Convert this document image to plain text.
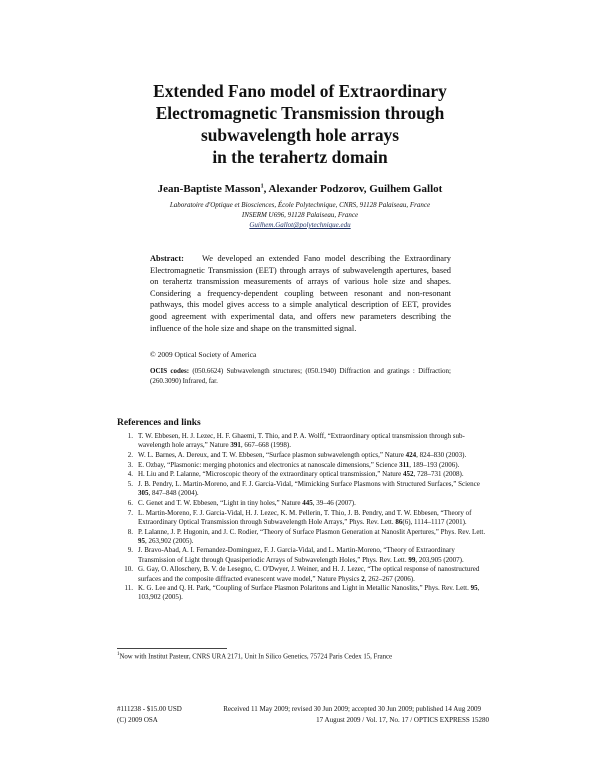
Extended Fano model of Extraordinary
Electromagnetic Transmission through
subwavelength hole arrays
in the terahertz domain
Jean-Baptiste Masson$^1$, Alexander Podzorov, Guilhem Gallot
Laboratoire d'Optique et Biosciences, École Polytechnique, CNRS, 91128 Palaiseau, France
INSERM U696, 91128 Palaiseau, France
Guilhem.Gallot@polytechnique.edu
Abstract: We developed an extended Fano model describing the Extraordinary Electromagnetic Transmission (EET) through arrays of subwavelength apertures, based on terahertz transmission measurements of arrays of various hole size and shapes. Considering a frequency-dependent coupling between resonant and non-resonant pathways, this model gives access to a simple analytical description of EET, provides good agreement with experimental data, and offers new parameters describing the influence of the hole size and shape on the transmitted signal.
© 2009 Optical Society of America
OCIS codes: (050.6624) Subwavelength structures; (050.1940) Diffraction and gratings : Diffraction; (260.3090) Infrared, far.
References and links
1. T. W. Ebbesen, H. J. Lezec, H. F. Ghaemi, T. Thio, and P. A. Wolff, “Extraordinary optical transmission through sub-wavelength hole arrays,” Nature 391, 667–668 (1998).
2. W. L. Barnes, A. Dereux, and T. W. Ebbesen, “Surface plasmon subwavelength optics,” Nature 424, 824–830 (2003).
3. E. Ozbay, “Plasmonic: merging photonics and electronics at nanoscale dimensions,” Science 311, 189–193 (2006).
4. H. Liu and P. Lalanne, “Microscopic theory of the extraordinary optical transmission,” Nature 452, 728–731 (2008).
5. J. B. Pendry, L. Martin-Moreno, and F. J. Garcia-Vidal, “Mimicking Surface Plasmons with Structured Surfaces,” Science 305, 847–848 (2004).
6. C. Genet and T. W. Ebbesen, “Light in tiny holes,” Nature 445, 39–46 (2007).
7. L. Martin-Moreno, F. J. Garcia-Vidal, H. J. Lezec, K. M. Pellerin, T. Thio, J. B. Pendry, and T. W. Ebbesen, “Theory of Extraordinary Optical Transmission through Subwavelength Hole Arrays,” Phys. Rev. Lett. 86(6), 1114–1117 (2001).
8. P. Lalanne, J. P. Hugonin, and J. C. Rodier, “Theory of Surface Plasmon Generation at Nanoslit Apertures,” Phys. Rev. Lett. 95, 263,902 (2005).
9. J. Bravo-Abad, A. I. Fernandez-Dominguez, F. J. Garcia-Vidal, and L. Martin-Moreno, “Theory of Extraordinary Transmission of Light through Quasiperiodic Arrays of Subwavelength Holes,” Phys. Rev. Lett. 99, 203,905 (2007).
10. G. Gay, O. Alloschery, B. V. de Lesegno, C. O'Dwyer, J. Weiner, and H. J. Lezec, “The optical response of nanostructured surfaces and the composite diffracted evanescent wave model,” Nature Physics 2, 262–267 (2006).
11. K. G. Lee and Q. H. Park, “Coupling of Surface Plasmon Polaritons and Light in Metallic Nanoslits,” Phys. Rev. Lett. 95, 103,902 (2005).
$^1$Now with Institut Pasteur, CNRS URA 2171, Unit In Silico Genetics, 75724 Paris Cedex 15, France
#111238 - $15.00 USD	Received 11 May 2009; revised 30 Jun 2009; accepted 30 Jun 2009; published 14 Aug 2009
(C) 2009 OSA	17 August 2009 / Vol. 17, No. 17 / OPTICS EXPRESS 15280
